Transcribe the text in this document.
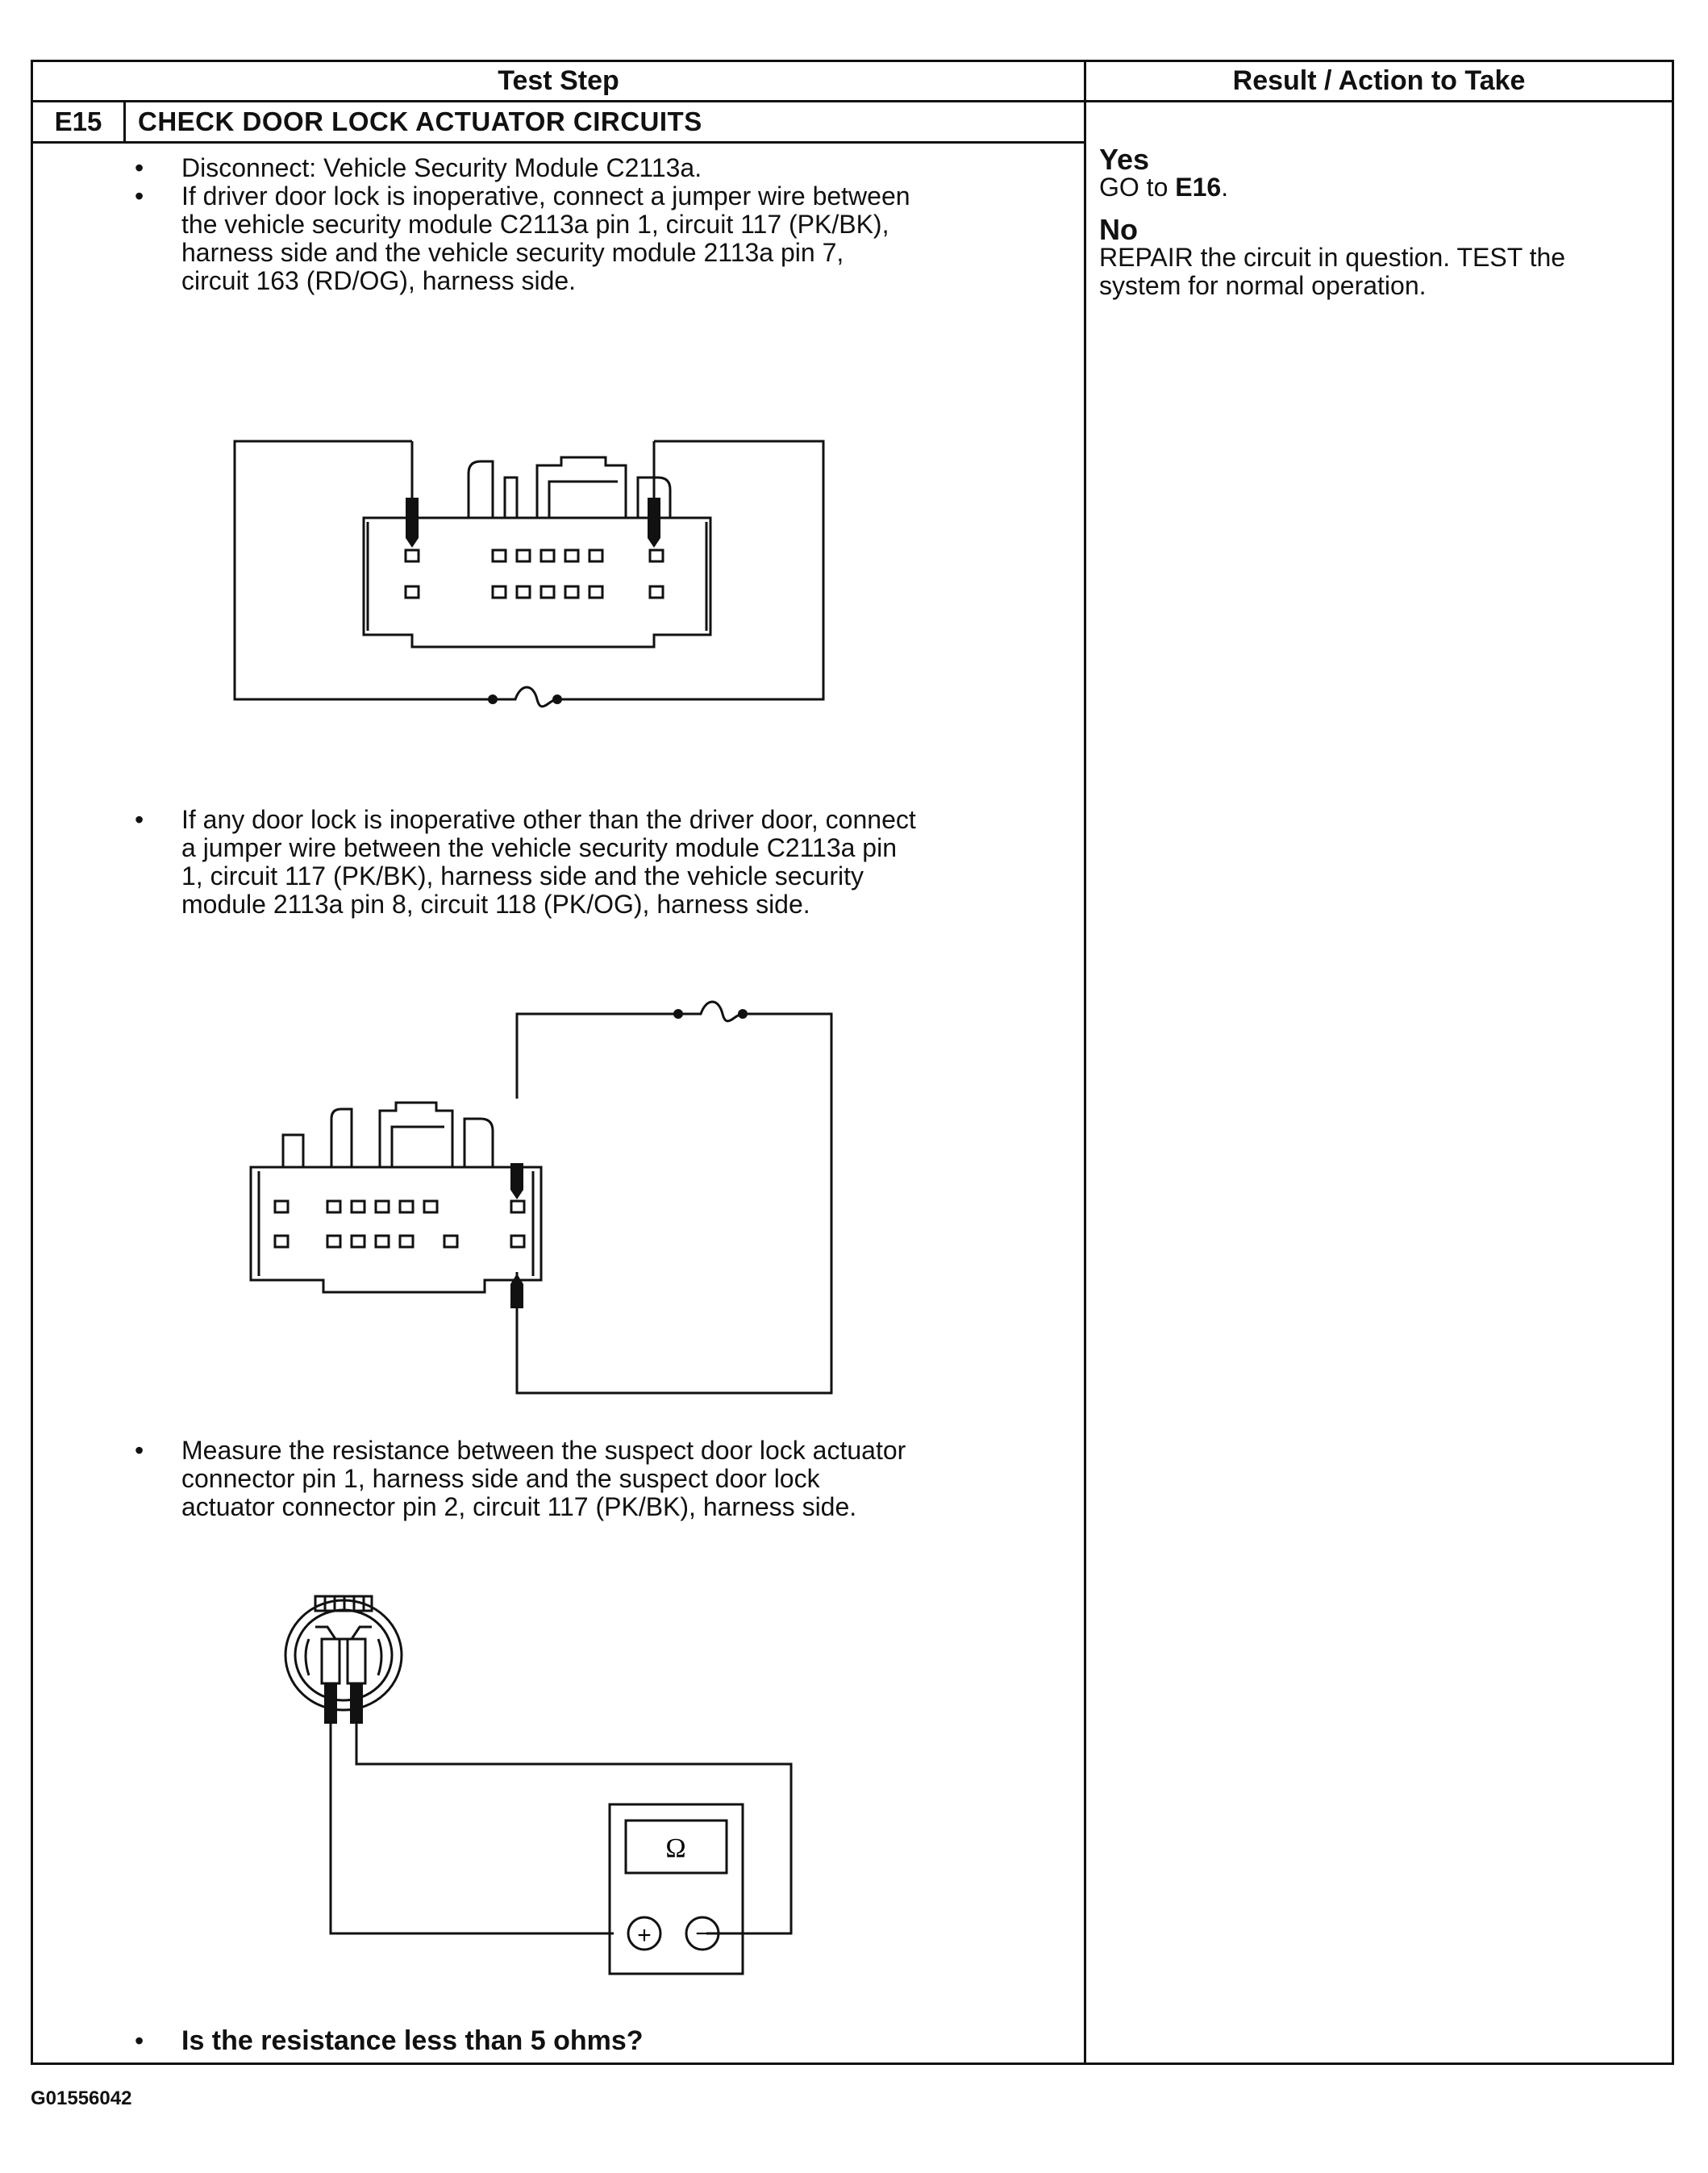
Test Step	Result / Action to Take
E15	CHECK DOOR LOCK ACTUATOR CIRCUITS
• Disconnect: Vehicle Security Module C2113a.
• If driver door lock is inoperative, connect a jumper wire between
the vehicle security module C2113a pin 1, circuit 117 (PK/BK),
harness side and the vehicle security module 2113a pin 7,
circuit 163 (RD/OG), harness side.
• If any door lock is inoperative other than the driver door, connect
a jumper wire between the vehicle security module C2113a pin
1, circuit 117 (PK/BK), harness side and the vehicle security
module 2113a pin 8, circuit 118 (PK/OG), harness side.
• Measure the resistance between the suspect door lock actuator
connector pin 1, harness side and the suspect door lock
actuator connector pin 2, circuit 117 (PK/BK), harness side.
Ω
+ −
• Is the resistance less than 5 ohms?
Yes
GO to E16.
No
REPAIR the circuit in question. TEST the
system for normal operation.
G01556042
